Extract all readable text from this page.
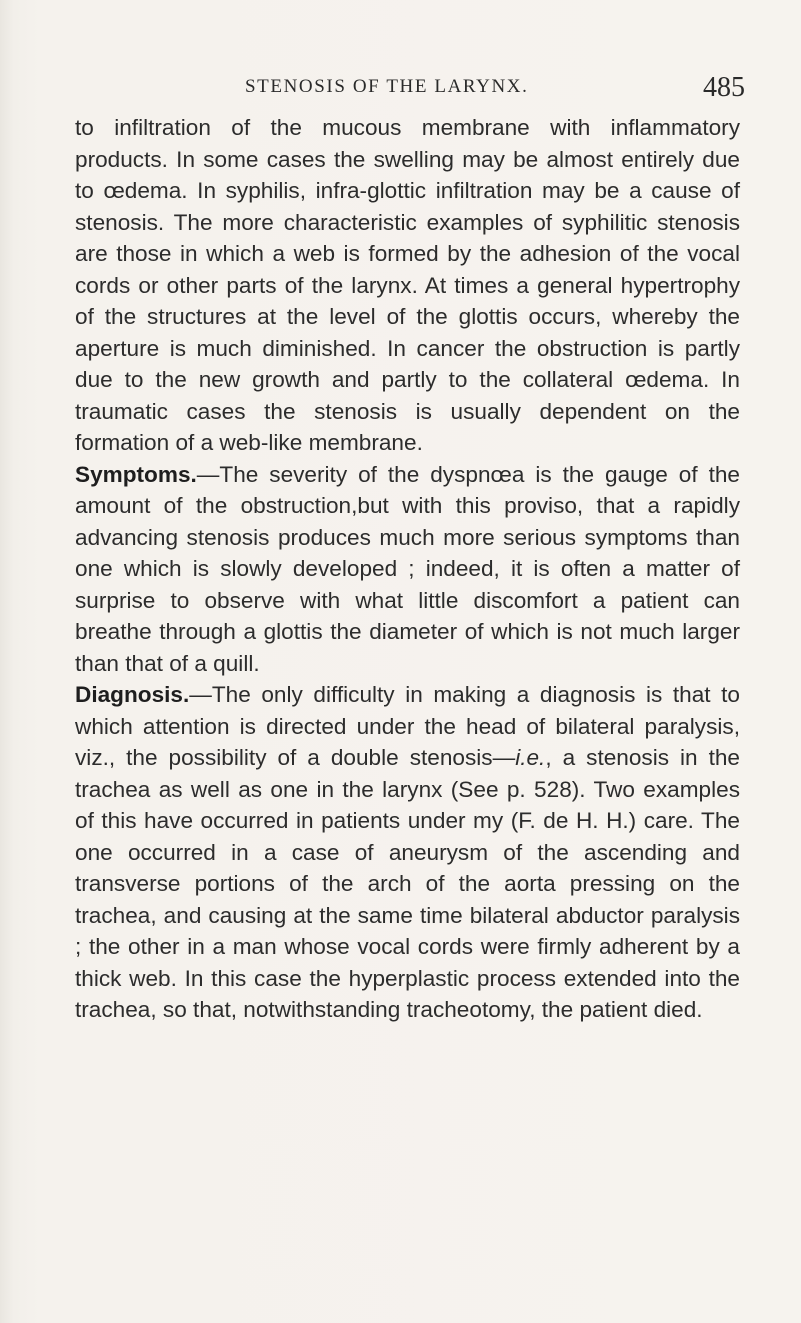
STENOSIS OF THE LARYNX.	485

to infiltration of the mucous membrane with inflammatory products. In some cases the swelling may be almost entirely due to œdema. In syphilis, infra-glottic infiltration may be a cause of stenosis. The more characteristic examples of syphilitic stenosis are those in which a web is formed by the adhesion of the vocal cords or other parts of the larynx. At times a general hypertrophy of the structures at the level of the glottis occurs, whereby the aperture is much diminished. In cancer the obstruction is partly due to the new growth and partly to the collateral œdema. In traumatic cases the stenosis is usually dependent on the formation of a web-like membrane.

Symptoms.—The severity of the dyspnœa is the gauge of the amount of the obstruction,but with this proviso, that a rapidly advancing stenosis produces much more serious symptoms than one which is slowly developed ; indeed, it is often a matter of surprise to observe with what little discomfort a patient can breathe through a glottis the diameter of which is not much larger than that of a quill.

Diagnosis.—The only difficulty in making a diagnosis is that to which attention is directed under the head of bilateral paralysis, viz., the possibility of a double stenosis—i.e., a stenosis in the trachea as well as one in the larynx (See p. 528). Two examples of this have occurred in patients under my (F. de H. H.) care. The one occurred in a case of aneurysm of the ascending and transverse portions of the arch of the aorta pressing on the trachea, and causing at the same time bilateral abductor paralysis ; the other in a man whose vocal cords were firmly adherent by a thick web. In this case the hyperplastic process extended into the trachea, so that, notwithstanding tracheotomy, the patient died.
